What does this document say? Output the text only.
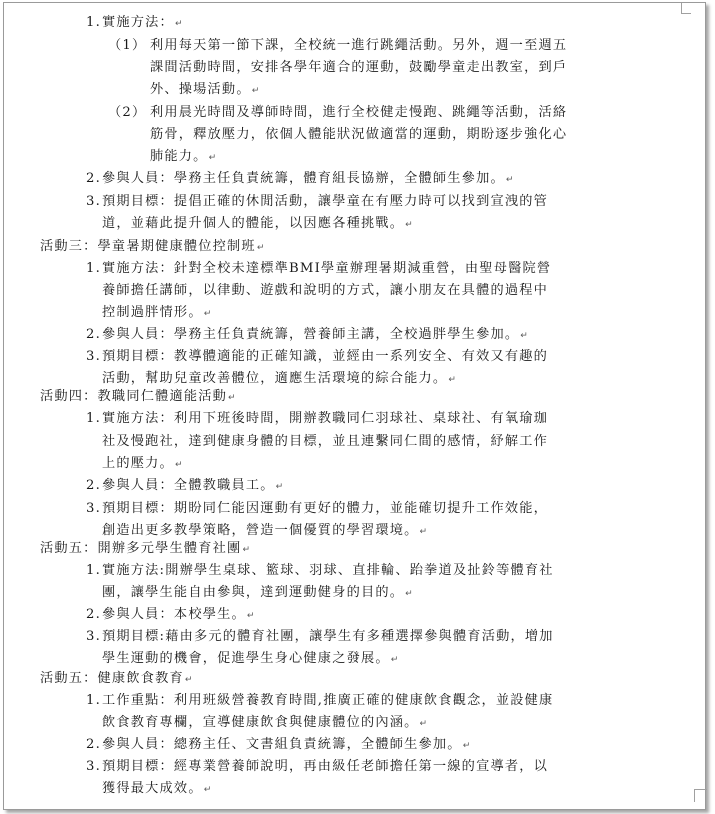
1. 實施方法：↵
（1） 利用每天第一節下課，全校統一進行跳繩活動。另外，週一至週五
課間活動時間，安排各學年適合的運動，鼓勵學童走出教室，到戶
外、操場活動。↵
（2） 利用晨光時間及導師時間，進行全校健走慢跑、跳繩等活動，活絡
筋骨，釋放壓力，依個人體能狀況做適當的運動，期盼逐步強化心
肺能力。↵
2. 參與人員：學務主任負責統籌，體育組長協辦，全體師生參加。↵
3. 預期目標：提倡正確的休閒活動，讓學童在有壓力時可以找到宣洩的管
道，並藉此提升個人的體能，以因應各種挑戰。↵
活動三：學童暑期健康體位控制班↵
1. 實施方法：針對全校未達標準BMI學童辦理暑期減重營，由聖母醫院營
養師擔任講師，以律動、遊戲和說明的方式，讓小朋友在具體的過程中
控制過胖情形。↵
2. 參與人員：學務主任負責統籌，營養師主講，全校過胖學生參加。↵
3. 預期目標：教導體適能的正確知識，並經由一系列安全、有效又有趣的
活動，幫助兒童改善體位，適應生活環境的綜合能力。↵
活動四：教職同仁體適能活動↵
1. 實施方法：利用下班後時間，開辦教職同仁羽球社、桌球社、有氧瑜珈
社及慢跑社，達到健康身體的目標，並且連繫同仁間的感情，紓解工作
上的壓力。↵
2. 參與人員：全體教職員工。↵
3. 預期目標：期盼同仁能因運動有更好的體力，並能確切提升工作效能，
創造出更多教學策略，營造一個優質的學習環境。↵
活動五：開辦多元學生體育社團↵
1. 實施方法:開辦學生桌球、籃球、羽球、直排輪、跆拳道及扯鈴等體育社
團，讓學生能自由參與，達到運動健身的目的。↵
2. 參與人員：本校學生。↵
3. 預期目標:藉由多元的體育社團，讓學生有多種選擇參與體育活動，增加
學生運動的機會，促進學生身心健康之發展。↵
活動五：健康飲食教育↵
1. 工作重點：利用班級營養教育時間,推廣正確的健康飲食觀念，並設健康
飲食教育專欄，宣導健康飲食與健康體位的內涵。↵
2. 參與人員：總務主任、文書組負責統籌，全體師生參加。↵
3. 預期目標：經專業營養師說明，再由級任老師擔任第一線的宣導者，以
獲得最大成效。↵
